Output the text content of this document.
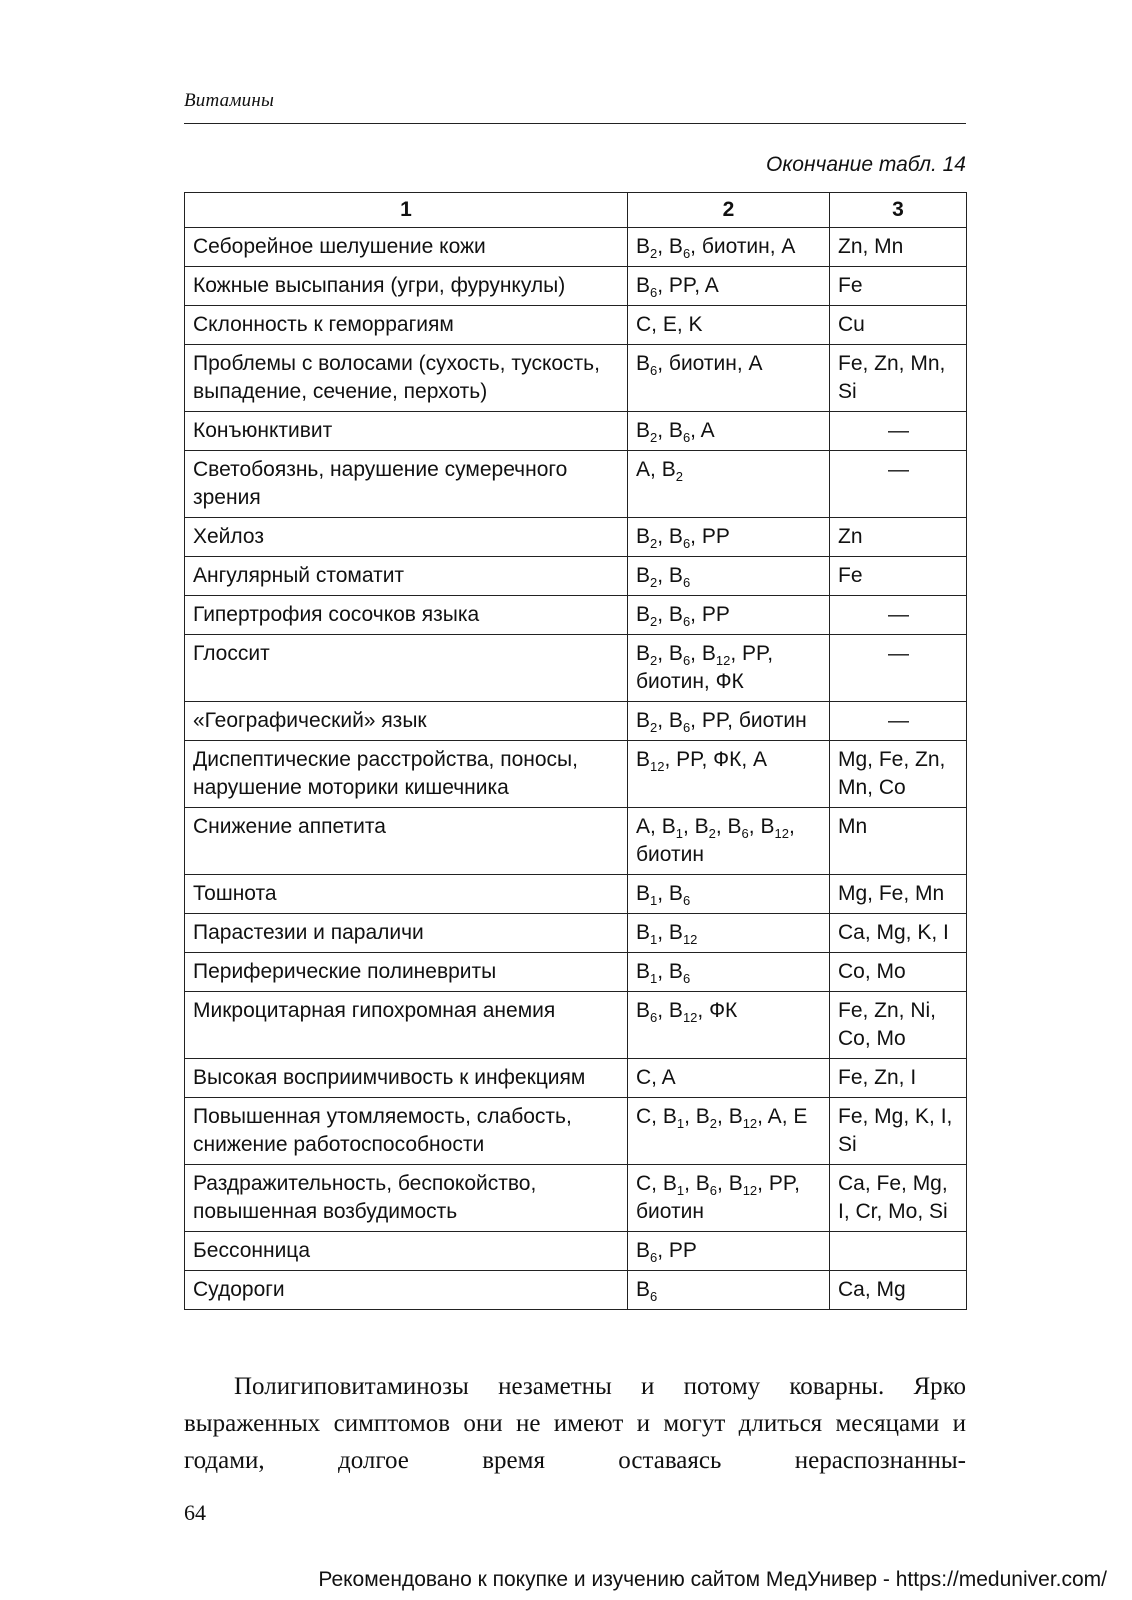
Витамины
Окончание табл. 14
1	2	3
Себорейное шелушение кожи	$B_2$, $B_6$, биотин, A	Zn, Mn
Кожные высыпания (угри, фурункулы)	$B_6$, PP, A	Fe
Склонность к геморрагиям	C, E, K	Cu
Проблемы с волосами (сухость, тускость, выпадение, сечение, перхоть)	$B_6$, биотин, A	Fe, Zn, Mn, Si
Конъюнктивит	$B_2$, $B_6$, A	—
Светобоязнь, нарушение сумеречного зрения	A, $B_2$	—
Хейлоз	$B_2$, $B_6$, PP	Zn
Ангулярный стоматит	$B_2$, $B_6$	Fe
Гипертрофия сосочков языка	$B_2$, $B_6$, PP	—
Глоссит	$B_2$, $B_6$, $B_{12}$, PP, биотин, ФК	—
«Географический» язык	$B_2$, $B_6$, PP, биотин	—
Диспептические расстройства, поносы, нарушение моторики кишечника	$B_{12}$, PP, ФК, A	Mg, Fe, Zn, Mn, Co
Снижение аппетита	A, $B_1$, $B_2$, $B_6$, $B_{12}$, биотин	Mn
Тошнота	$B_1$, $B_6$	Mg, Fe, Mn
Парастезии и параличи	$B_1$, $B_{12}$	Ca, Mg, K, I
Периферические полиневриты	$B_1$, $B_6$	Co, Mo
Микроцитарная гипохромная анемия	$B_6$, $B_{12}$, ФК	Fe, Zn, Ni, Co, Mo
Высокая восприимчивость к инфекциям	C, A	Fe, Zn, I
Повышенная утомляемость, слабость, снижение работоспособности	C, $B_1$, $B_2$, $B_{12}$, A, E	Fe, Mg, K, I, Si
Раздражительность, беспокойство, повышенная возбудимость	C, $B_1$, $B_6$, $B_{12}$, PP, биотин	Ca, Fe, Mg, I, Cr, Mo, Si
Бессонница	$B_6$, PP	
Судороги	$B_6$	Ca, Mg

Полигиповитаминозы незаметны и потому коварны. Ярко выраженных симптомов они не имеют и могут длиться месяцами и годами, долгое время оставаясь нераспознанны-

64
Рекомендовано к покупке и изучению сайтом МедУнивер - https://meduniver.com/
